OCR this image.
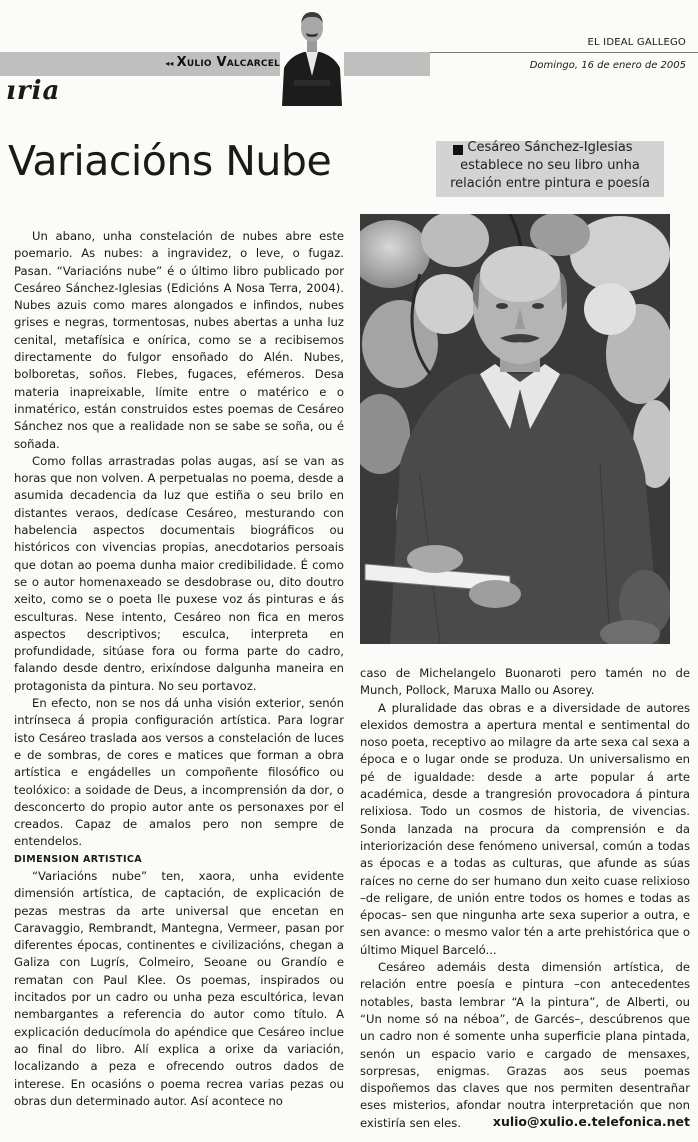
◂◂ Xulio Valcarcel
ıria
EL IDEAL GALLEGO
Domingo, 16 de enero de 2005
Variacións Nube	Cesáreo Sánchez-Iglesias establece no seu libro unha relación entre pintura e poesía

Un abano, unha constelación de nubes abre este poemario. As nubes: a ingravidez, o leve, o fugaz. Pasan. “Variacións nube” é o último libro publicado por Cesáreo Sánchez-Iglesias (Edicións A Nosa Terra, 2004). Nubes azuis como mares alongados e infindos, nubes grises e negras, tormentosas, nubes abertas a unha luz cenital, metafísica e onírica, como se a recibisemos directamente do fulgor ensoñado do Alén. Nubes, bolboretas, soños. Flebes, fugaces, efémeros. Desa materia inapreixable, límite entre o matérico e o inmatérico, están construidos estes poemas de Cesáreo Sánchez nos que a realidade non se sabe se soña, ou é soñada.

Como follas arrastradas polas augas, así se van as horas que non volven. A perpetualas no poema, desde a asumida decadencia da luz que estiña o seu brilo en distantes veraos, dedícase Cesáreo, mesturando con habelencia aspectos documentais biográficos ou históricos con vivencias propias, anecdotarios persoais que dotan ao poema dunha maior credibilidade. É como se o autor homenaxeado se desdobrase ou, dito doutro xeito, como se o poeta lle puxese voz ás pinturas e ás esculturas. Nese intento, Cesáreo non fica en meros aspectos descriptivos; esculca, interpreta en profundidade, sitúase fora ou forma parte do cadro, falando desde dentro, erixíndose dalgunha maneira en protagonista da pintura. No seu portavoz.

En efecto, non se nos dá unha visión exterior, senón intrínseca á propia configuración artística. Para lograr isto Cesáreo traslada aos versos a constelación de luces e de sombras, de cores e matices que forman a obra artística e engádelles un compoñente filosófico ou teolóxico: a soidade de Deus, a incomprensión da dor, o desconcerto do propio autor ante os personaxes por el creados. Capaz de amalos pero non sempre de entendelos.

DIMENSION ARTISTICA

“Variacións nube” ten, xaora, unha evidente dimensión artística, de captación, de explicación de pezas mestras da arte universal que encetan en Caravaggio, Rembrandt, Mantegna, Vermeer, pasan por diferentes épocas, continentes e civilizacións, chegan a Galiza con Lugrís, Colmeiro, Seoane ou Grandío e rematan con Paul Klee. Os poemas, inspirados ou incitados por un cadro ou unha peza escultórica, levan nembargantes a referencia do autor como título. A explicación deducímola do apéndice que Cesáreo inclue ao final do libro. Alí explica a orixe da variación, localizando a peza e ofrecendo outros dados de interese. En ocasións o poema recrea varias pezas ou obras dun determinado autor. Así acontece no

caso de Michelangelo Buonaroti pero tamén no de Munch, Pollock, Maruxa Mallo ou Asorey.

A pluralidade das obras e a diversidade de autores elexidos demostra a apertura mental e sentimental do noso poeta, receptivo ao milagre da arte sexa cal sexa a época e o lugar onde se produza. Un universalismo en pé de igualdade: desde a arte popular á arte académica, desde a trangresión provocadora á pintura relixiosa. Todo un cosmos de historia, de vivencias. Sonda lanzada na procura da comprensión e da interiorización dese fenómeno universal, común a todas as épocas e a todas as culturas, que afunde as súas raíces no cerne do ser humano dun xeito cuase relixioso –de religare, de unión entre todos os homes e todas as épocas– sen que ningunha arte sexa superior a outra, e sen avance: o mesmo valor tén a arte prehistórica que o último Miquel Barceló...

Cesáreo ademáis desta dimensión artística, de relación entre poesía e pintura –con antecedentes notables, basta lembrar “A la pintura”, de Alberti, ou “Un nome só na néboa”, de Garcés–, descúbrenos que un cadro non é somente unha superficie plana pintada, senón un espacio vario e cargado de mensaxes, sorpresas, enigmas. Grazas aos seus poemas dispoñemos das claves que nos permiten desentrañar eses misterios, afondar noutra interpretación que non existiría sen eles.	xulio@xulio.e.telefonica.net
